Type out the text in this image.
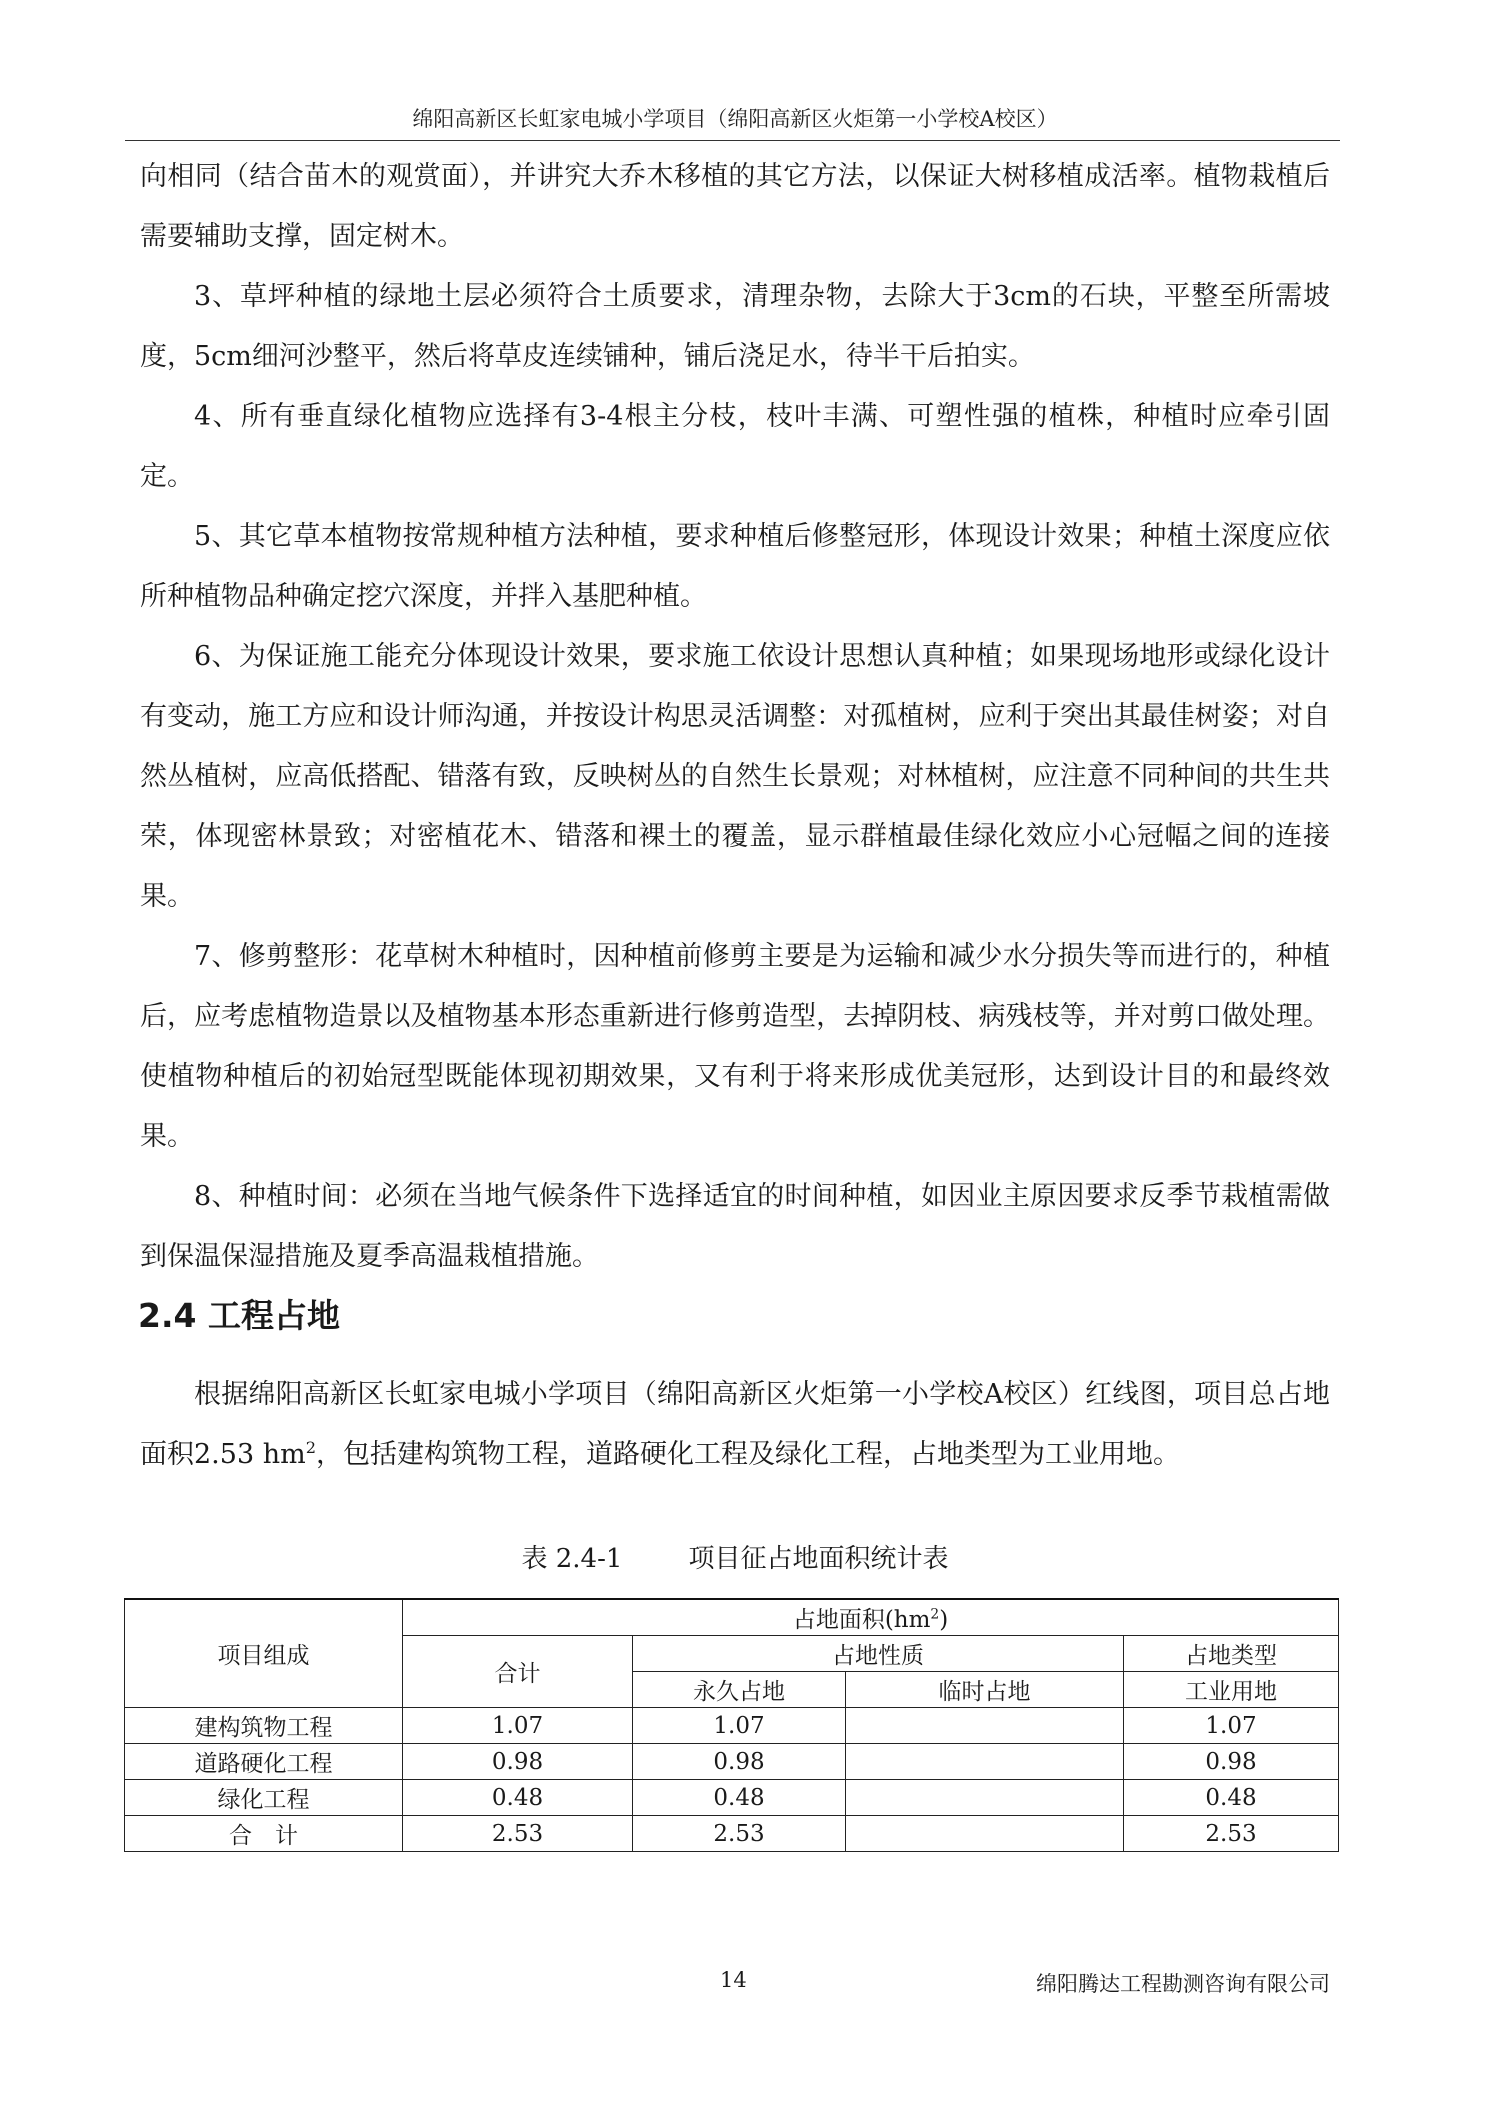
绵阳高新区长虹家电城小学项目（绵阳高新区火炬第一小学校A校区）

向相同（结合苗木的观赏面），并讲究大乔木移植的其它方法，以保证大树移植成活率。植物栽植后需要辅助支撑，固定树木。

3、草坪种植的绿地土层必须符合土质要求，清理杂物，去除大于3cm的石块，平整至所需坡度，5cm细河沙整平，然后将草皮连续铺种，铺后浇足水，待半干后拍实。

4、所有垂直绿化植物应选择有3-4根主分枝，枝叶丰满、可塑性强的植株，种植时应牵引固定。

5、其它草本植物按常规种植方法种植，要求种植后修整冠形，体现设计效果；种植土深度应依所种植物品种确定挖穴深度，并拌入基肥种植。

6、为保证施工能充分体现设计效果，要求施工依设计思想认真种植；如果现场地形或绿化设计有变动，施工方应和设计师沟通，并按设计构思灵活调整：对孤植树，应利于突出其最佳树姿；对自然丛植树，应高低搭配、错落有致，反映树丛的自然生长景观；对林植树，应注意不同种间的共生共荣，体现密林景致；对密植花木、错落和裸土的覆盖，显示群植最佳绿化效应小心冠幅之间的连接果。

7、修剪整形：花草树木种植时，因种植前修剪主要是为运输和减少水分损失等而进行的，种植后，应考虑植物造景以及植物基本形态重新进行修剪造型，去掉阴枝、病残枝等，并对剪口做处理。使植物种植后的初始冠型既能体现初期效果，又有利于将来形成优美冠形，达到设计目的和最终效果。

8、种植时间：必须在当地气候条件下选择适宜的时间种植，如因业主原因要求反季节栽植需做到保温保湿措施及夏季高温栽植措施。

2.4 工程占地

根据绵阳高新区长虹家电城小学项目（绵阳高新区火炬第一小学校A校区）红线图，项目总占地面积2.53 $hm^2$，包括建构筑物工程，道路硬化工程及绿化工程，占地类型为工业用地。

表 2.4-1        项目征占地面积统计表
项目组成	占地面积$(hm^2)$			
	合计	占地性质		占地类型
		永久占地	临时占地	工业用地
建构筑物工程	1.07	1.07		1.07
道路硬化工程	0.98	0.98		0.98
绿化工程	0.48	0.48		0.48
合　计	2.53	2.53		2.53
14	绵阳腾达工程勘测咨询有限公司
